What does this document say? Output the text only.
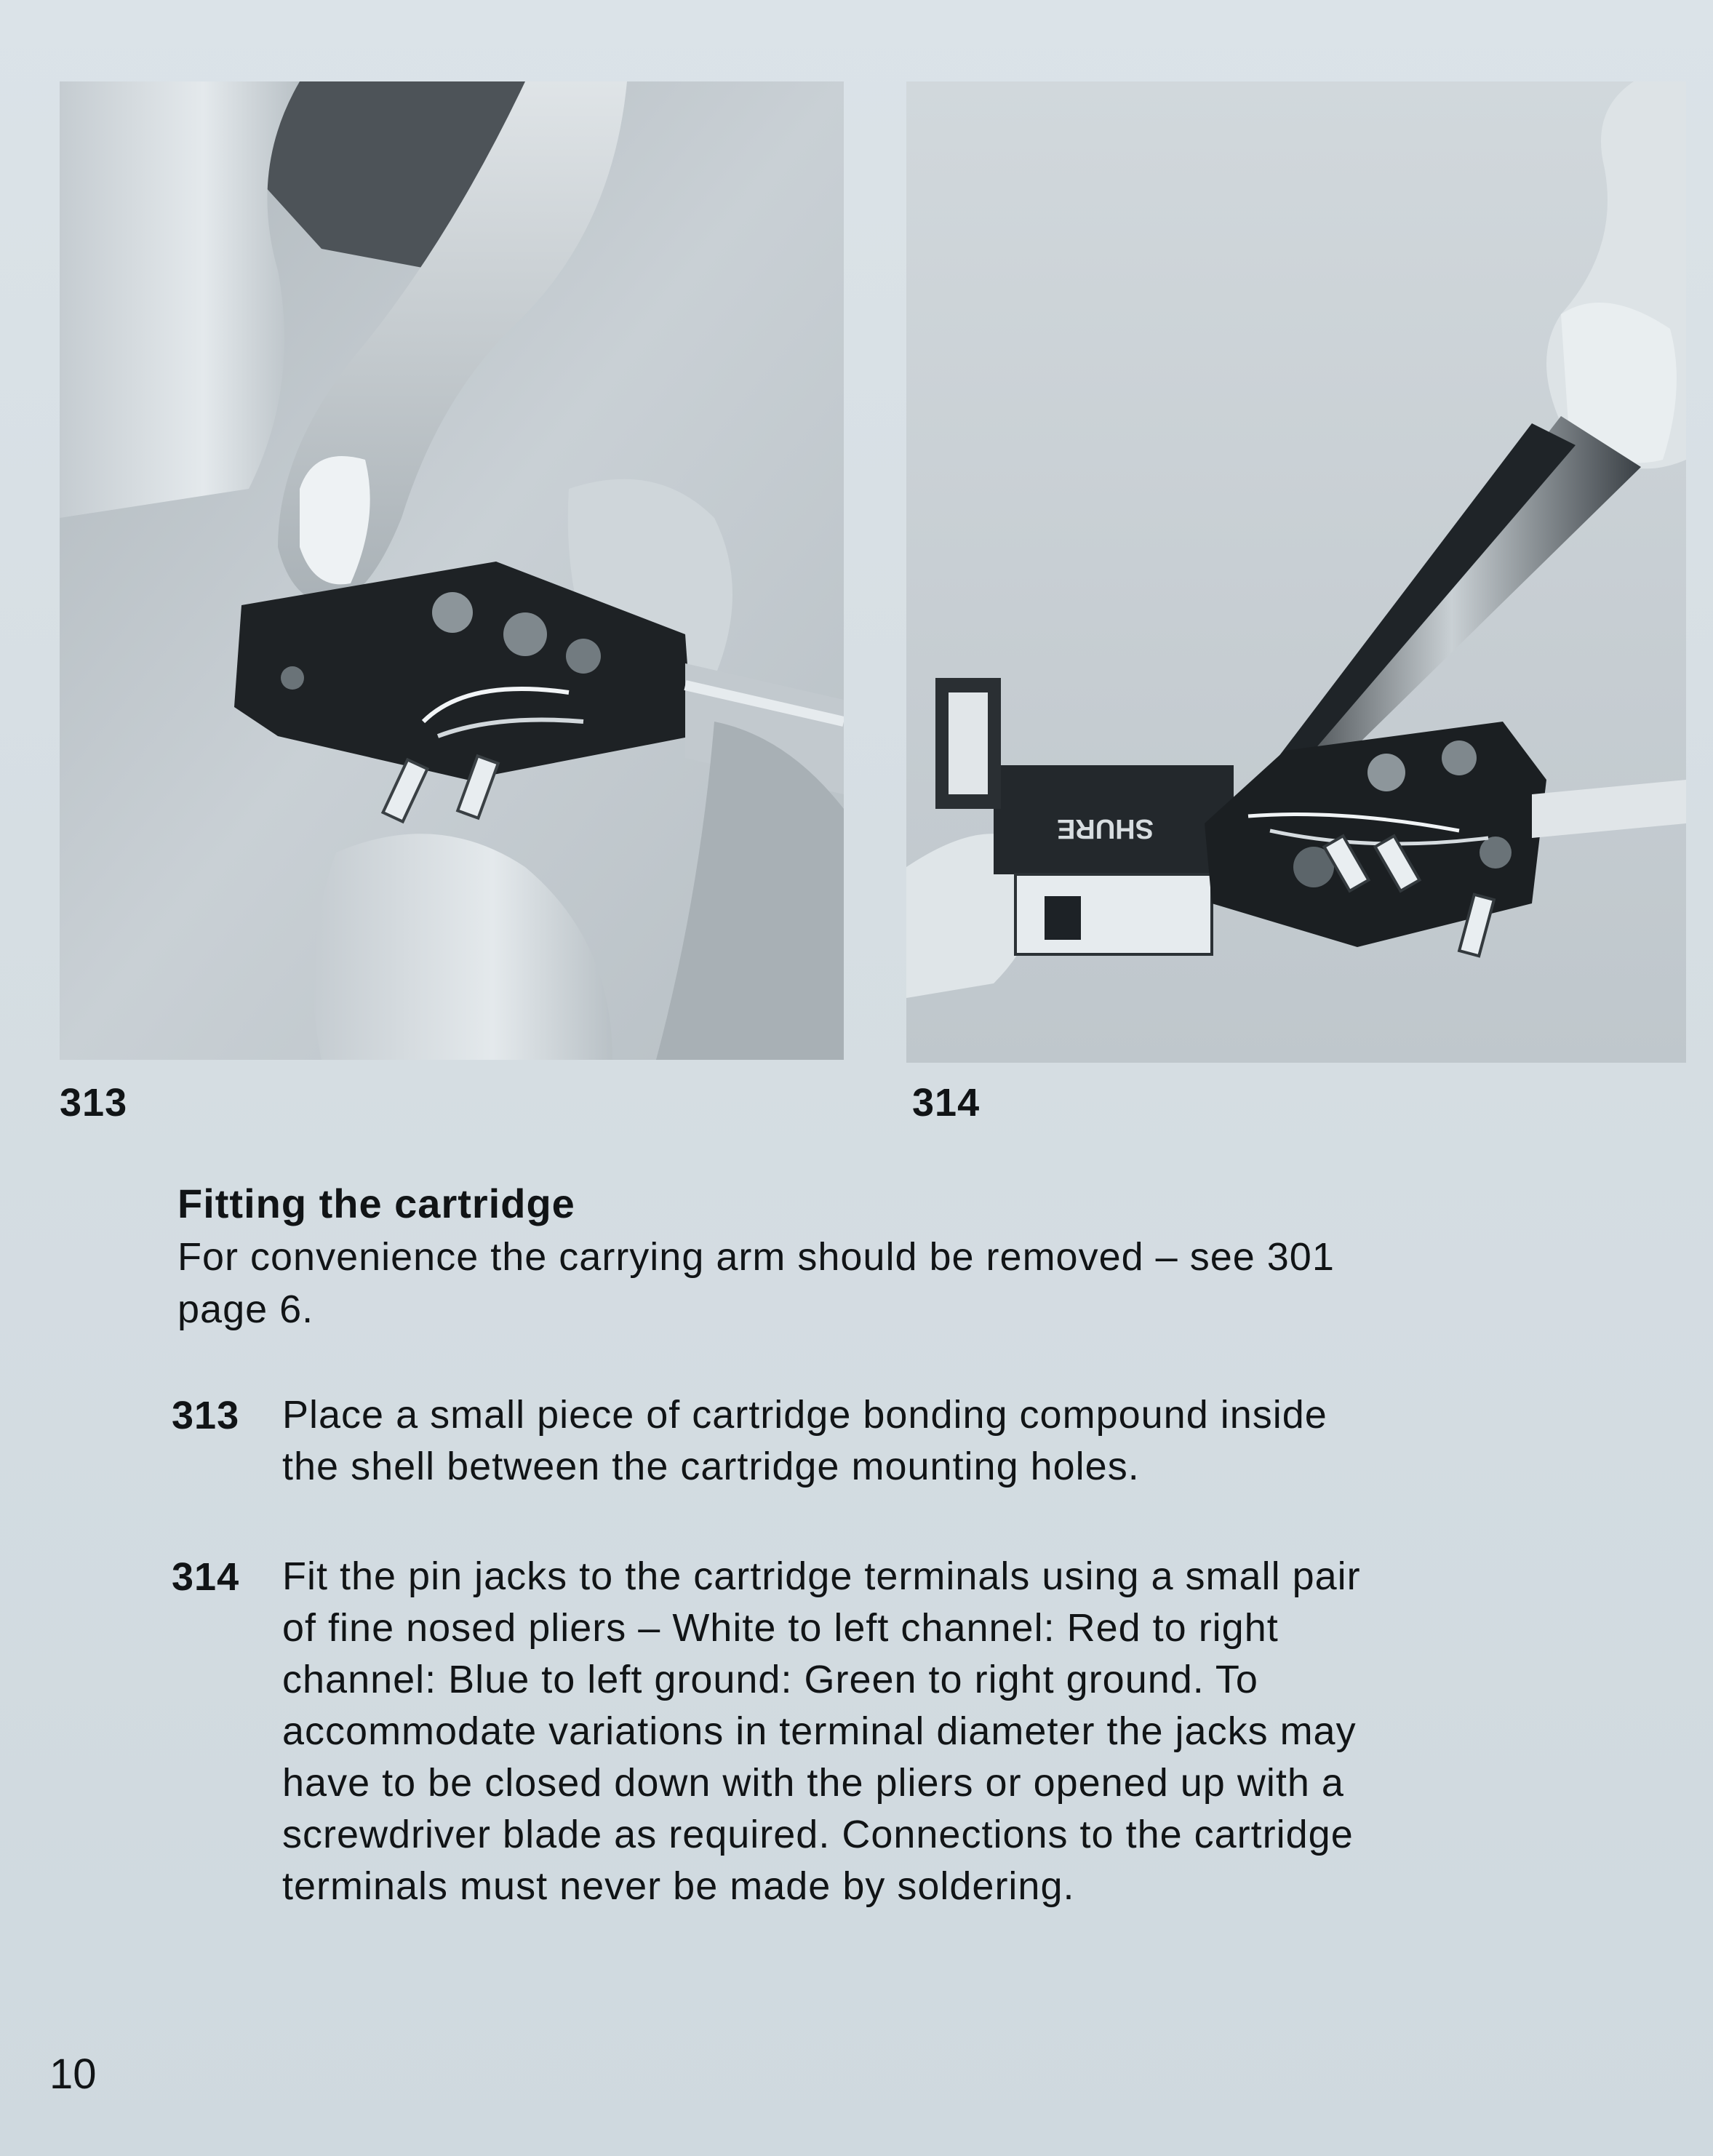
SHURE
313	314
Fitting the cartridge
For convenience the carrying arm should be removed – see 301
page 6.
313 Place a small piece of cartridge bonding compound inside
the shell between the cartridge mounting holes.
314 Fit the pin jacks to the cartridge terminals using a small pair
of fine nosed pliers – White to left channel: Red to right
channel: Blue to left ground: Green to right ground. To
accommodate variations in terminal diameter the jacks may
have to be closed down with the pliers or opened up with a
screwdriver blade as required. Connections to the cartridge
terminals must never be made by soldering.
10
